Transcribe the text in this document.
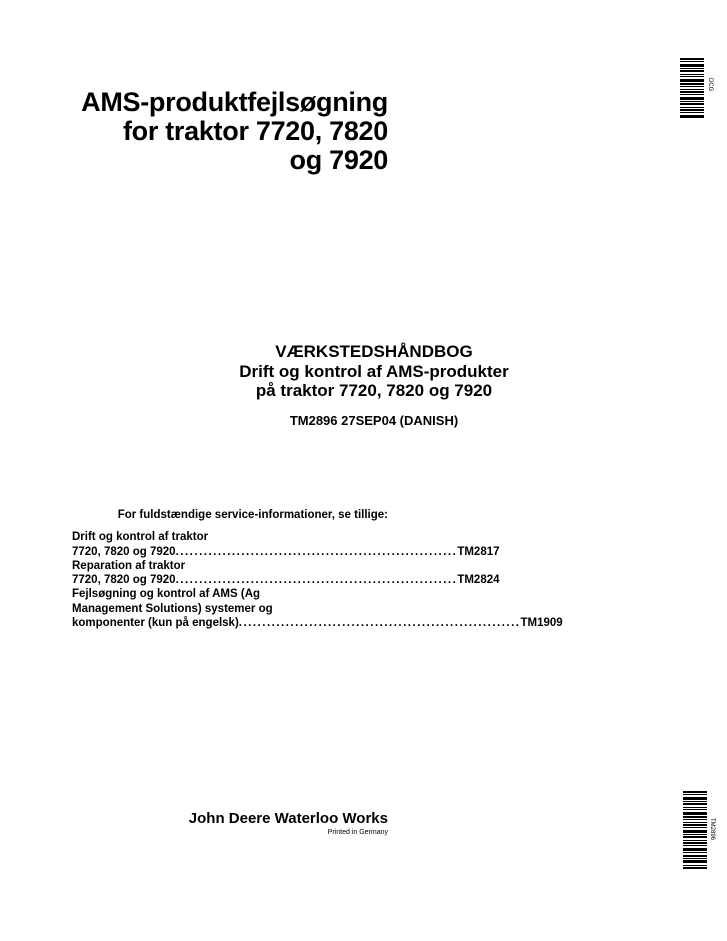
AMS-produktfejlsøgning
for traktor 7720, 7820
og 7920
VÆRKSTEDSHÅNDBOG
Drift og kontrol af AMS-produkter
på traktor 7720, 7820 og 7920
TM2896 27SEP04 (DANISH)
For fuldstændige service-informationer, se tillige:
Drift og kontrol af traktor
7720, 7820 og 7920 ............................................................ TM2817
Reparation af traktor
7720, 7820 og 7920 ............................................................ TM2824
Fejlsøgning og kontrol af AMS (Ag
Management Solutions) systemer og
komponenter (kun på engelsk) ............................................................ TM1909
John Deere Waterloo Works
Printed in Germany
DCG
TM2896
